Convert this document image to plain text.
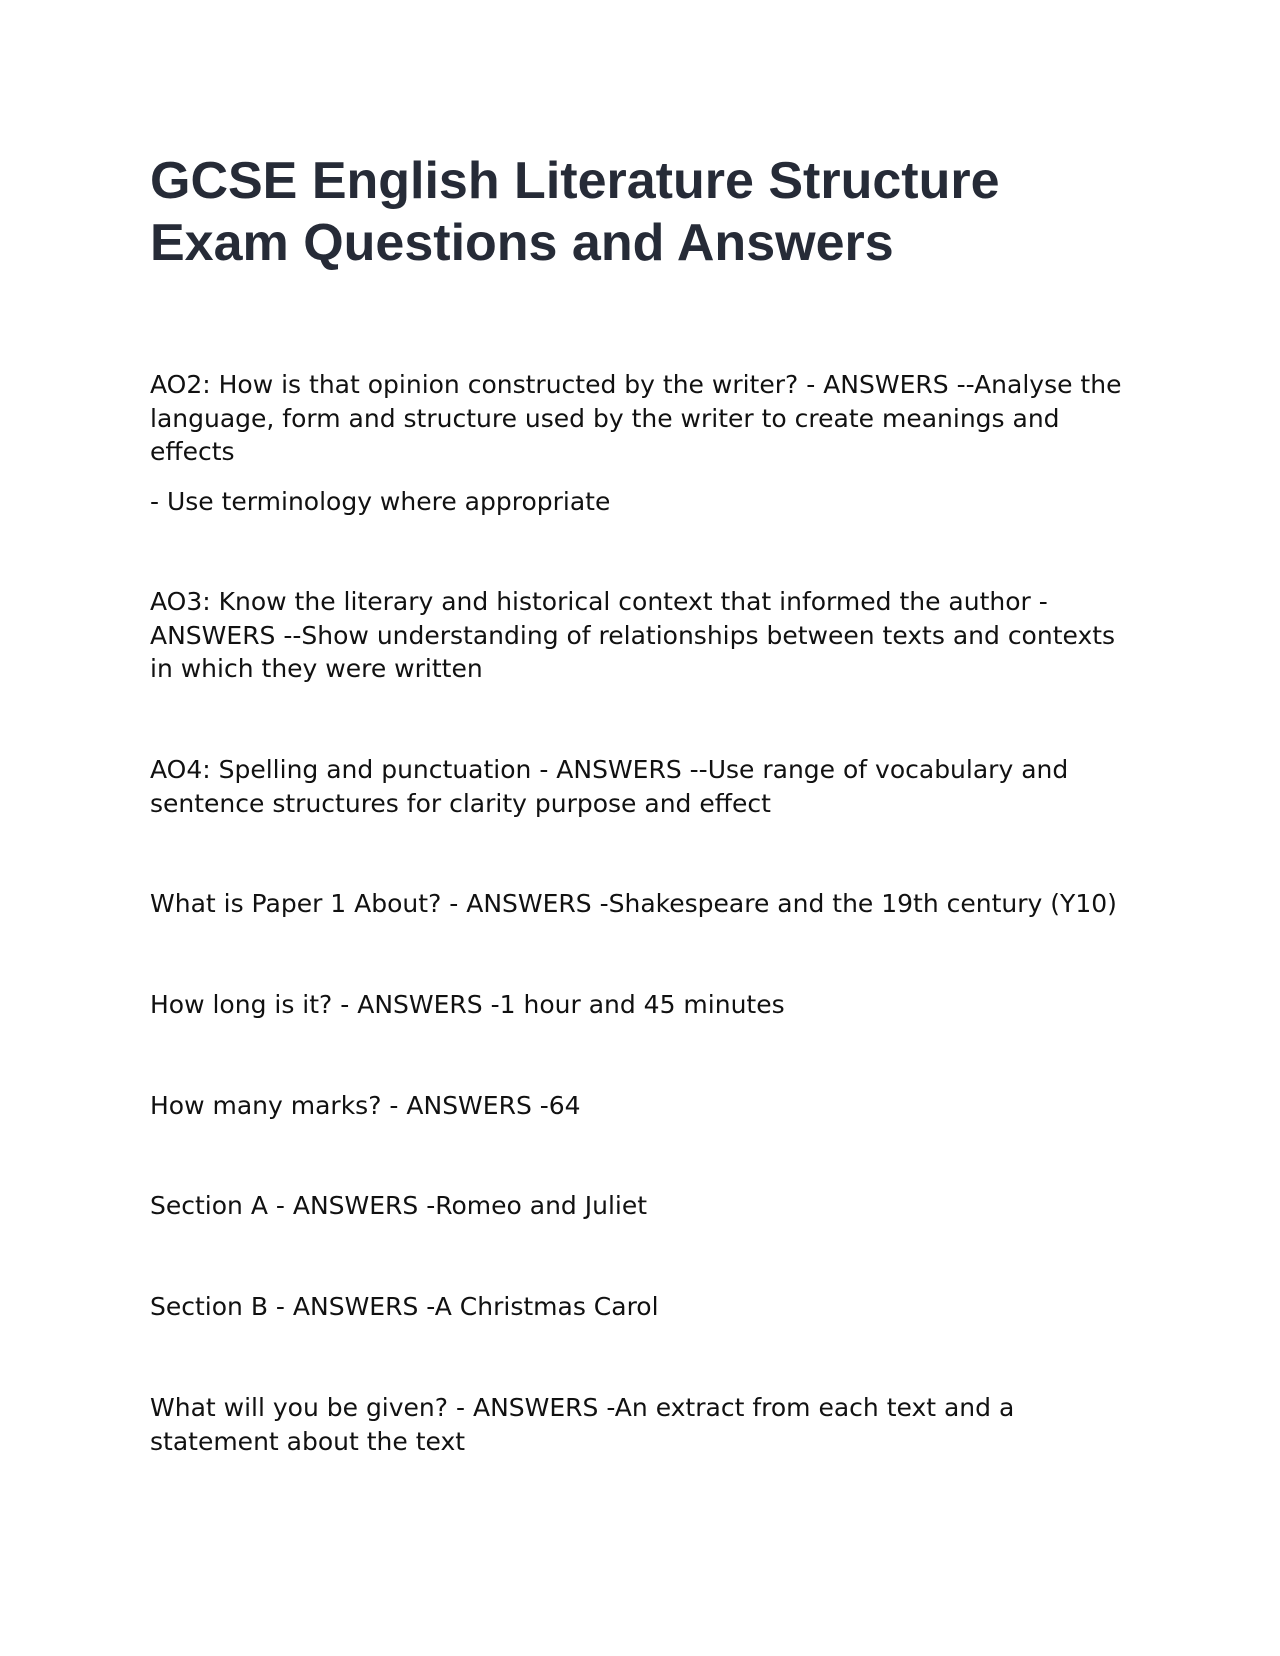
GCSE English Literature Structure
Exam Questions and Answers
AO2: How is that opinion constructed by the writer? - ANSWERS --Analyse the
language, form and structure used by the writer to create meanings and
effects
- Use terminology where appropriate
AO3: Know the literary and historical context that informed the author -
ANSWERS --Show understanding of relationships between texts and contexts
in which they were written
AO4: Spelling and punctuation - ANSWERS --Use range of vocabulary and
sentence structures for clarity purpose and effect
What is Paper 1 About? - ANSWERS -Shakespeare and the 19th century (Y10)
How long is it? - ANSWERS -1 hour and 45 minutes
How many marks? - ANSWERS -64
Section A - ANSWERS -Romeo and Juliet
Section B - ANSWERS -A Christmas Carol
What will you be given? - ANSWERS -An extract from each text and a
statement about the text
